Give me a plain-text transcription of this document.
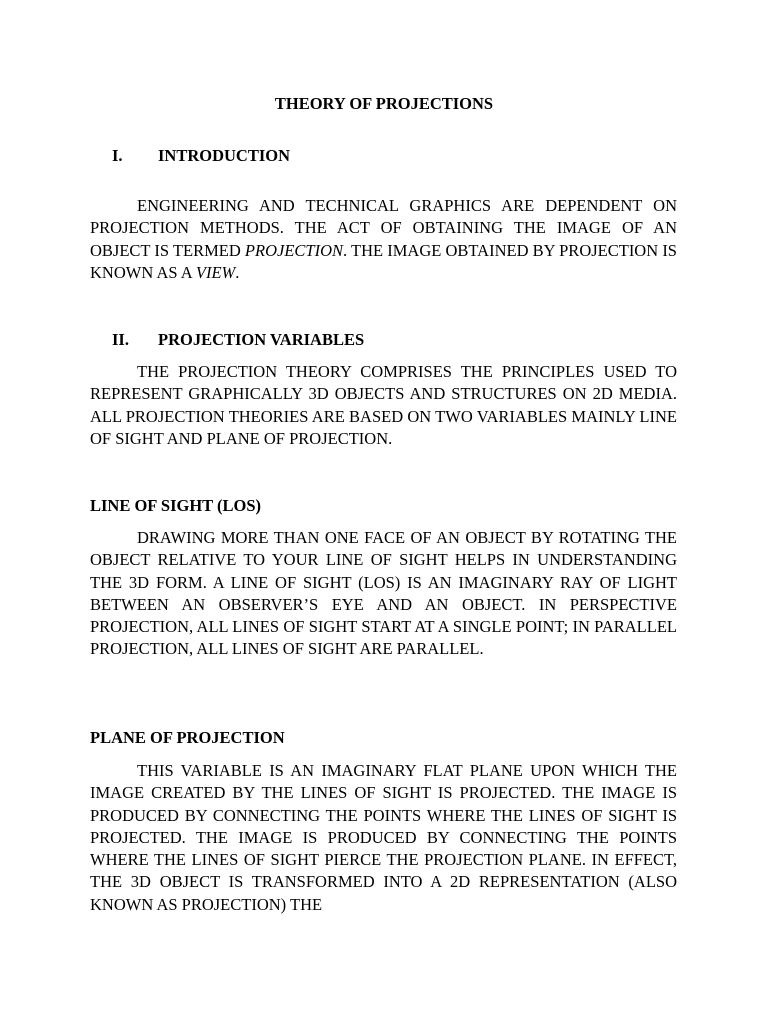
THEORY OF PROJECTIONS
I. INTRODUCTION

ENGINEERING AND TECHNICAL GRAPHICS ARE DEPENDENT ON PROJECTION METHODS. THE ACT OF OBTAINING THE IMAGE OF AN OBJECT IS TERMED PROJECTION. THE IMAGE OBTAINED BY PROJECTION IS KNOWN AS A VIEW.

II. PROJECTION VARIABLES

THE PROJECTION THEORY COMPRISES THE PRINCIPLES USED TO REPRESENT GRAPHICALLY 3D OBJECTS AND STRUCTURES ON 2D MEDIA. ALL PROJECTION THEORIES ARE BASED ON TWO VARIABLES MAINLY LINE OF SIGHT AND PLANE OF PROJECTION.

LINE OF SIGHT (LOS)

DRAWING MORE THAN ONE FACE OF AN OBJECT BY ROTATING THE OBJECT RELATIVE TO YOUR LINE OF SIGHT HELPS IN UNDERSTANDING THE 3D FORM. A LINE OF SIGHT (LOS) IS AN IMAGINARY RAY OF LIGHT BETWEEN AN OBSERVER’S EYE AND AN OBJECT. IN PERSPECTIVE PROJECTION, ALL LINES OF SIGHT START AT A SINGLE POINT; IN PARALLEL PROJECTION, ALL LINES OF SIGHT ARE PARALLEL.

PLANE OF PROJECTION

THIS VARIABLE IS AN IMAGINARY FLAT PLANE UPON WHICH THE IMAGE CREATED BY THE LINES OF SIGHT IS PROJECTED. THE IMAGE IS PRODUCED BY CONNECTING THE POINTS WHERE THE LINES OF SIGHT IS PROJECTED. THE IMAGE IS PRODUCED BY CONNECTING THE POINTS WHERE THE LINES OF SIGHT PIERCE THE PROJECTION PLANE. IN EFFECT, THE 3D OBJECT IS TRANSFORMED INTO A 2D REPRESENTATION (ALSO KNOWN AS PROJECTION) THE
